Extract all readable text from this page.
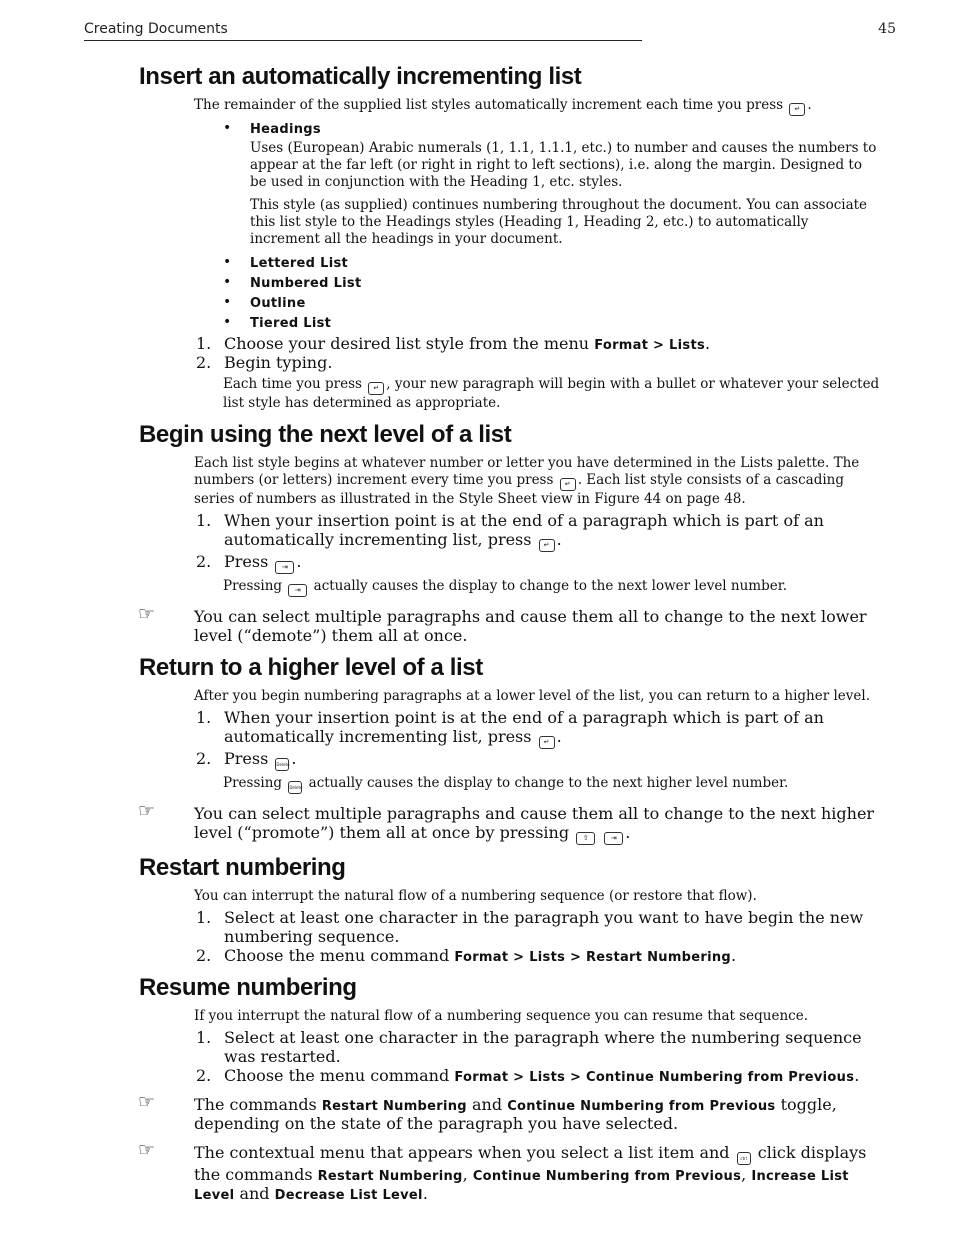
Creating Documents	45
Insert an automatically incrementing list

The remainder of the supplied list styles automatically increment each time you press ↵ .

• Headings

Uses (European) Arabic numerals (1, 1.1, 1.1.1, etc.) to number and causes the numbers to appear at the far left (or right in right to left sections), i.e. along the margin. Designed to be used in conjunction with the Heading 1, etc. styles.

This style (as supplied) continues numbering throughout the document. You can associate this list style to the Headings styles (Heading 1, Heading 2, etc.) to automatically increment all the headings in your document.

• Lettered List
• Numbered List
• Outline
• Tiered List
1. Choose your desired list style from the menu Format > Lists.
2. Begin typing.

Each time you press ↵ , your new paragraph will begin with a bullet or whatever your selected list style has determined as appropriate.

Begin using the next level of a list

Each list style begins at whatever number or letter you have determined in the Lists palette. The numbers (or letters) increment every time you press ↵ . Each list style consists of a cascading series of numbers as illustrated in the Style Sheet view in Figure 44 on page 48.

1. When your insertion point is at the end of a paragraph which is part of an automatically incrementing list, press ↵ .
2. Press ⇥ .

Pressing ⇥ actually causes the display to change to the next lower level number.

☞ You can select multiple paragraphs and cause them all to change to the next lower level (“demote”) them all at once.
Return to a higher level of a list

After you begin numbering paragraphs at a lower level of the list, you can return to a higher level.

1. When your insertion point is at the end of a paragraph which is part of an automatically incrementing list, press ↵ .
2. Press Delete .

Pressing Delete actually causes the display to change to the next higher level number.

☞ You can select multiple paragraphs and cause them all to change to the next higher level (“promote”) them all at once by pressing ⇧	⇥ .
Restart numbering

You can interrupt the natural flow of a numbering sequence (or restore that flow).

1. Select at least one character in the paragraph you want to have begin the new numbering sequence.
2. Choose the menu command Format > Lists > Restart Numbering.
Resume numbering

If you interrupt the natural flow of a numbering sequence you can resume that sequence.

1. Select at least one character in the paragraph where the numbering sequence was restarted.
2. Choose the menu command Format > Lists > Continue Numbering from Previous.
☞ The commands Restart Numbering and Continue Numbering from Previous toggle, depending on the state of the paragraph you have selected.
☞ The contextual menu that appears when you select a list item and	ctrl click displays the commands Restart Numbering, Continue Numbering from Previous, Increase List Level and Decrease List Level.
